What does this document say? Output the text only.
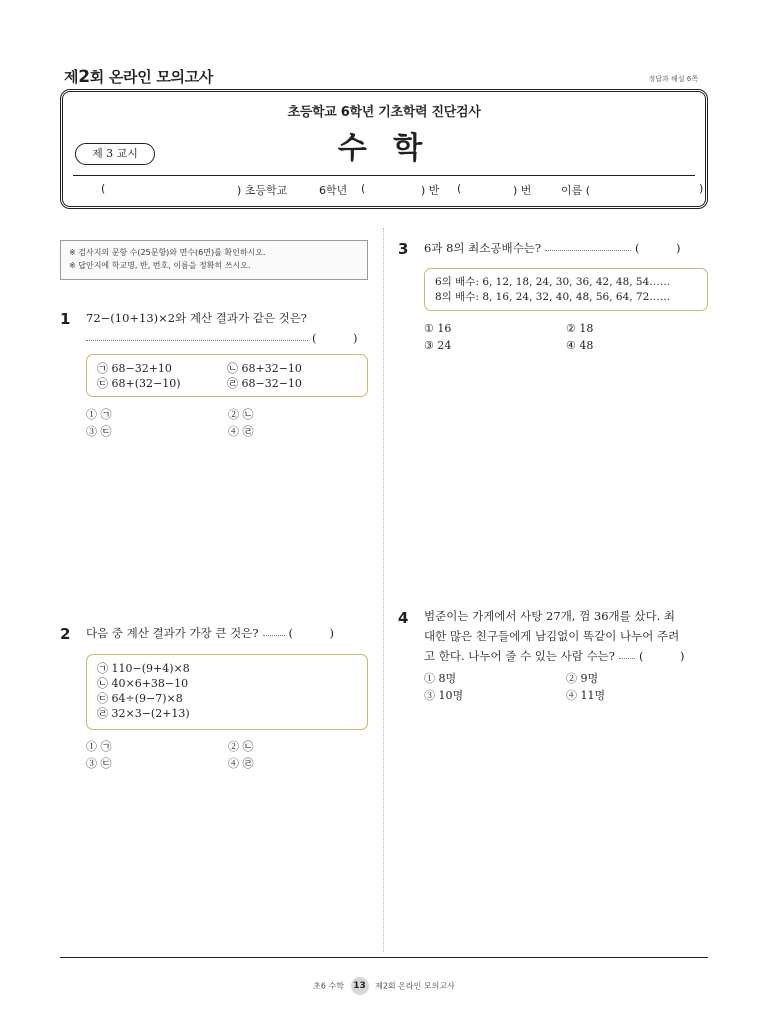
제2회 온라인 모의고사	정답과 해설 6쪽
초등학교 6학년 기초학력 진단검사
수 학
제 3 교시
(	) 초등학교	6학년 (	) 반 (	) 번	이름 (	)
※ 검사지의 문항 수(25문항)와 면수(6면)를 확인하시오.
※ 답안지에 학교명, 반, 번호, 이름을 정확히 쓰시오.
1 72−(10+13)×2와 계산 결과가 같은 것은?
(          )
㉠ 68−32+10	㉡ 68+32−10
㉢ 68+(32−10)	㉣ 68−32−10
① ㉠	② ㉡
③ ㉢	④ ㉣
2 다음 중 계산 결과가 가장 큰 것은?	(          )
㉠ 110−(9+4)×8
㉡ 40×6+38−10
㉢ 64÷(9−7)×8
㉣ 32×3−(2+13)
① ㉠	② ㉡
③ ㉢	④ ㉣
3 6과 8의 최소공배수는?	(          )
6의 배수: 6, 12, 18, 24, 30, 36, 42, 48, 54……
8의 배수: 8, 16, 24, 32, 40, 48, 56, 64, 72……
① 16	② 18
③ 24	④ 48
4 범준이는 가게에서 사탕 27개, 껌 36개를 샀다. 최
대한 많은 친구들에게 남김없이 똑같이 나누어 주려
고 한다. 나누어 줄 수 있는 사람 수는? (          )
① 8명	② 9명
③ 10명	④ 11명
초6 수학 13 제2회 온라인 모의고사
